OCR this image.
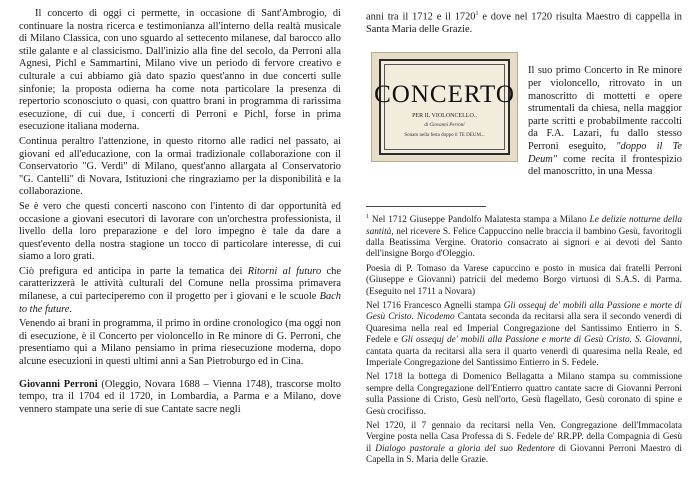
Il concerto di oggi ci permette, in occasione di Sant'Ambrogio, di continuare la nostra ricerca e testimonianza all'interno della realtà musicale di Milano Classica, con uno sguardo al settecento milanese, dal barocco allo stile galante e al classicismo. Dall'inizio alla fine del secolo, da Perroni alla Agnesi, Pichl e Sammartini, Milano vive un periodo di fervore creativo e culturale a cui abbiamo già dato spazio quest'anno in due concerti sulle sinfonie; la proposta odierna ha come nota particolare la presenza di repertorio sconosciuto o quasi, con quattro brani in programma di rarissima esecuzione, di cui due, i concerti di Perroni e Pichl, forse in prima esecuzione italiana moderna.

Continua peraltro l'attenzione, in questo ritorno alle radici nel passato, ai giovani ed all'educazione, con la ormai tradizionale collaborazione con il Conservatorio "G. Verdi" di Milano, quest'anno allargata al Conservatorio "G. Cantelli" di Novara, Istituzioni che ringraziamo per la disponibilità e la collaborazione.

Se è vero che questi concerti nascono con l'intento di dar opportunità ed occasione a giovani esecutori di lavorare con un'orchestra professionista, il livello della loro preparazione e del loro impegno è tale da dare a quest'evento della nostra stagione un tocco di particolare interesse, di cui siamo a loro grati.

Ciò prefigura ed anticipa in parte la tematica dei Ritorni al futuro che caratterizzerà le attività culturali del Comune nella prossima primavera milanese, a cui parteciperemo con il progetto per i giovani e le scuole Bach to the future.

Venendo ai brani in programma, il primo in ordine cronologico (ma oggi non di esecuzione, è il Concerto per violoncello in Re minore di G. Perroni, che presentiamo qui a Milano pensiamo in prima riesecuzione moderna, dopo alcune esecuzioni in questi ultimi anni a San Pietroburgo ed in Cina.

Giovanni Perroni (Oleggio, Novara 1688 – Vienna 1748), trascorse molto tempo, tra il 1704 ed il 1720, in Lombardia, a Parma e a Milano, dove vennero stampate una serie di sue Cantate sacre negli

anni tra il 1712 e il 1720$^1$ e dove nel 1720 risulta Maestro di cappella in Santa Maria delle Grazie.

CONCERTO
PER IL VIOLONCELLO..
di Giovanni Perroni
Sonato nella festa doppo il TE DEUM...

Il suo primo Concerto in Re minore per violoncello, ritrovato in un manoscritto di mottetti e opere strumentali da chiesa, nella maggior parte scritti e probabilmente raccolti da F.A. Lazari, fu dallo stesso Perroni eseguito, "doppo il Te Deum" come recita il frontespizio del manoscritto, in una Messa

$^1$ Nel 1712 Giuseppe Pandolfo Malatesta stampa a Milano Le delizie notturne della santità, nel ricevere S. Felice Cappuccino nelle braccia il bambino Gesù, favoritogli dalla Beatissima Vergine. Oratorio consacrato ai signori e ai devoti del Santo dell'insigne Borgo d'Oleggio.

Poesia di P. Tomaso da Varese capuccino e posto in musica dai fratelli Perroni (Giuseppe e Giovanni) patricii del medemo Borgo virtuosi di S.A.S. di Parma. (Eseguito nel 1711 a Novara)

Nel 1716 Francesco Agnelli stampa Gli ossequj de' mobili alla Passione e morte di Gesù Cristo. Nicodemo Cantata seconda da recitarsi alla sera il secondo venerdì di Quaresima nella real ed Imperial Congregazione del Santissimo Entierro in S. Fedele e Gli ossequj de' mobili alla Passione e morte di Gesù Cristo. S. Giovanni, cantata quarta da recitarsi alla sera il quarto venerdì di quaresima nella Reale, ed Imperiale Congregazione del Santissimo Entierro in S. Fedele.

Nel 1718 la bottega di Domenico Bellagatta a Milano stampa su commissione sempre della Congregazione dell'Entierro quattro cantate sacre di Giovanni Perroni sulla Passione di Cristo, Gesù nell'orto, Gesù flagellato, Gesù coronato di spine e Gesù crocifisso.

Nel 1720, il 7 gennaio da recitarsi nella Ven. Congregazione dell'Immacolata Vergine posta nella Casa Professa di S. Fedele de' RR.PP. della Compagnia di Gesù il Dialogo pastorale a gloria del suo Redentore di Giovanni Perroni Maestro di Capella in S. Maria delle Grazie.
